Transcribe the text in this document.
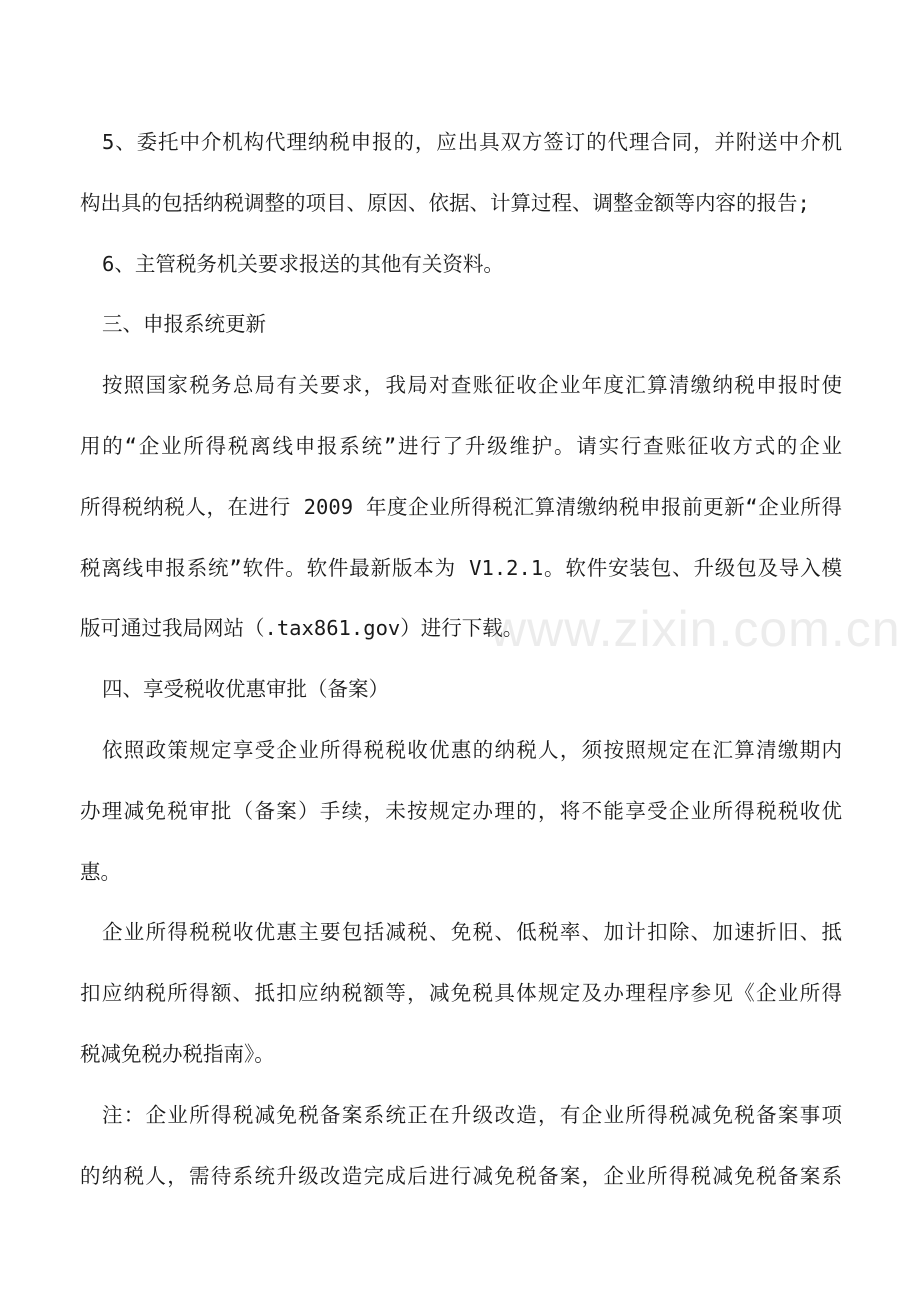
5、委托中介机构代理纳税申报的，应出具双方签订的代理合同，并附送中介机
构出具的包括纳税调整的项目、原因、依据、计算过程、调整金额等内容的报告;
6、主管税务机关要求报送的其他有关资料。
三、申报系统更新
按照国家税务总局有关要求，我局对查账征收企业年度汇算清缴纳税申报时使
用的“企业所得税离线申报系统”进行了升级维护。请实行查账征收方式的企业
所得税纳税人，在进行 2009 年度企业所得税汇算清缴纳税申报前更新“企业所得
税离线申报系统”软件。软件最新版本为 V1.2.1。软件安装包、升级包及导入模
版可通过我局网站（.tax861.gov）进行下载。
四、享受税收优惠审批（备案）
依照政策规定享受企业所得税税收优惠的纳税人，须按照规定在汇算清缴期内
办理减免税审批（备案）手续，未按规定办理的，将不能享受企业所得税税收优
惠。
企业所得税税收优惠主要包括减税、免税、低税率、加计扣除、加速折旧、抵
扣应纳税所得额、抵扣应纳税额等，减免税具体规定及办理程序参见《企业所得
税减免税办税指南》。
注：企业所得税减免税备案系统正在升级改造，有企业所得税减免税备案事项
的纳税人，需待系统升级改造完成后进行减免税备案，企业所得税减免税备案系
www.zixin.com.cn
